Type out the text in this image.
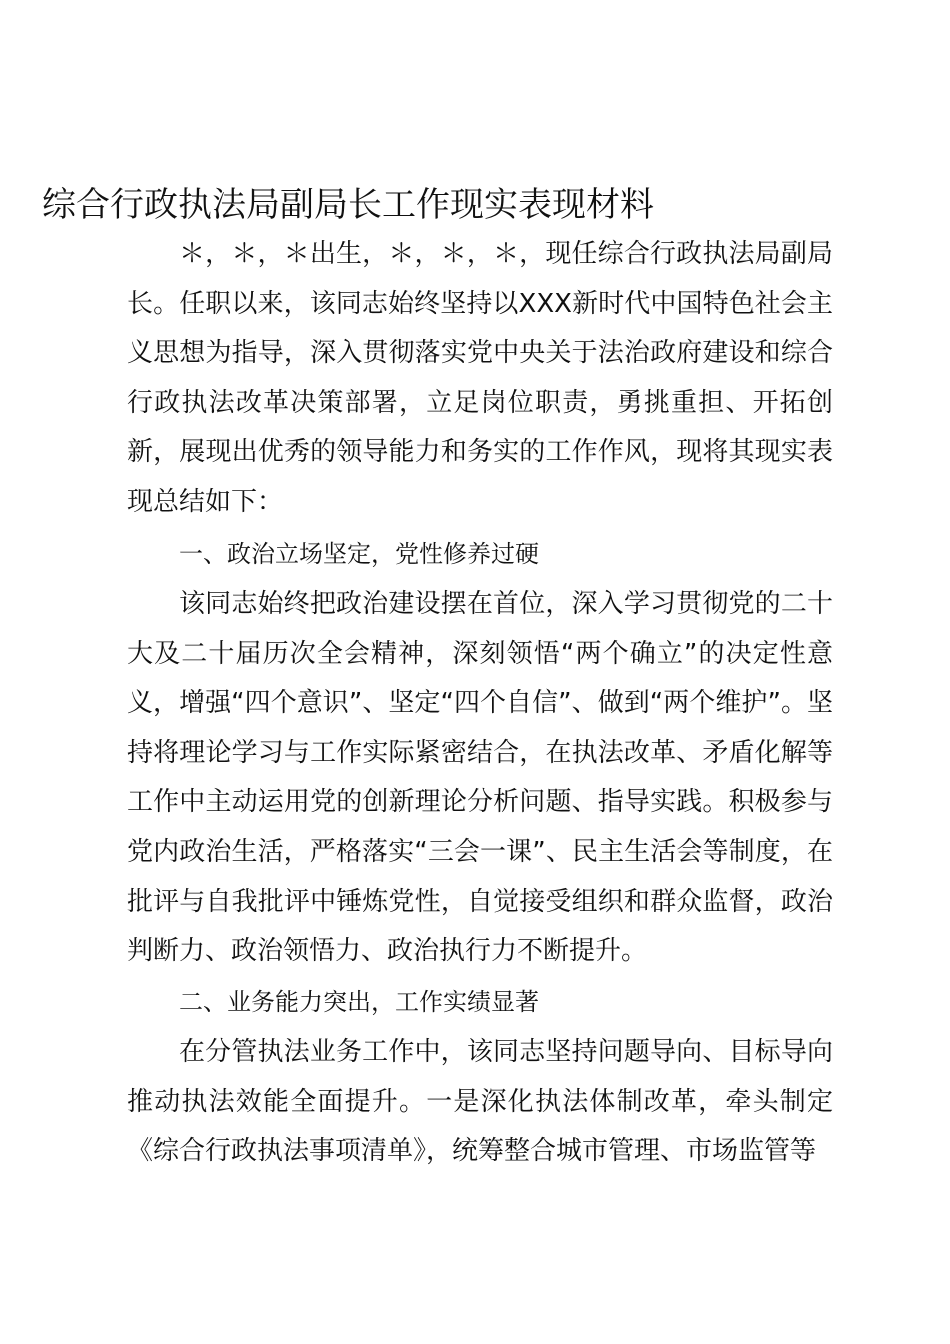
综合行政执法局副局长工作现实表现材料

＊，＊，＊出生，＊，＊，＊，现任综合行政执法局副局长。任职以来，该同志始终坚持以XXX新时代中国特色社会主义思想为指导，深入贯彻落实党中央关于法治政府建设和综合行政执法改革决策部署，立足岗位职责，勇挑重担、开拓创新，展现出优秀的领导能力和务实的工作作风，现将其现实表现总结如下：

一、政治立场坚定，党性修养过硬

该同志始终把政治建设摆在首位，深入学习贯彻党的二十大及二十届历次全会精神，深刻领悟“两个确立”的决定性意义，增强“四个意识”、坚定“四个自信”、做到“两个维护”。坚持将理论学习与工作实际紧密结合，在执法改革、矛盾化解等工作中主动运用党的创新理论分析问题、指导实践。积极参与党内政治生活，严格落实“三会一课”、民主生活会等制度，在批评与自我批评中锤炼党性，自觉接受组织和群众监督，政治判断力、政治领悟力、政治执行力不断提升。

二、业务能力突出，工作实绩显著

在分管执法业务工作中，该同志坚持问题导向、目标导向推动执法效能全面提升。一是深化执法体制改革，牵头制定《综合行政执法事项清单》，统筹整合城市管理、市场监管等
